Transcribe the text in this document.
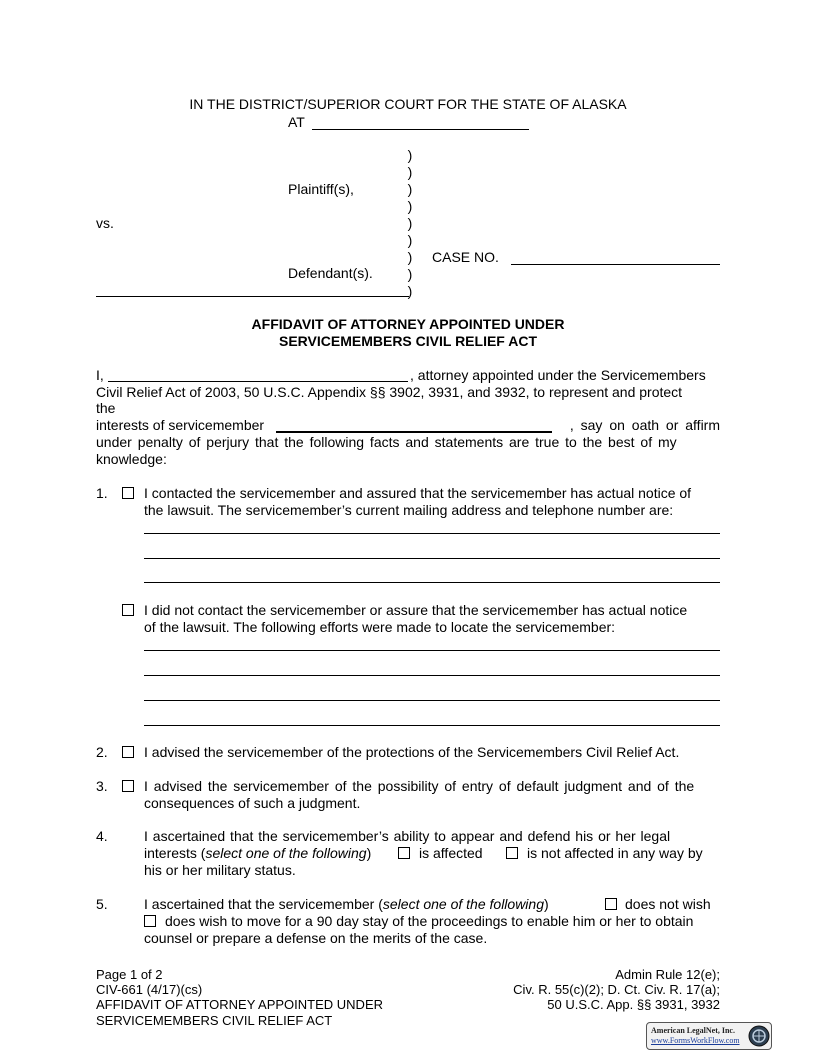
IN THE DISTRICT/SUPERIOR COURT FOR THE STATE OF ALASKA
AT
)
)
)
)
)
)
)
)
)
Plaintiff(s),
vs.
Defendant(s).
CASE NO.
AFFIDAVIT OF ATTORNEY APPOINTED UNDER
SERVICEMEMBERS CIVIL RELIEF ACT
I,	, attorney appointed under the Servicemembers
Civil Relief Act of 2003, 50 U.S.C. Appendix §§ 3902, 3931, and 3932, to represent and protect
the
interests of servicemember	, say on oath or affirm
under penalty of perjury that the following facts and statements are true to the best of my
knowledge:
1.	I contacted the servicemember and assured that the servicemember has actual notice of
the lawsuit. The servicemember’s current mailing address and telephone number are:
I did not contact the servicemember or assure that the servicemember has actual notice
of the lawsuit. The following efforts were made to locate the servicemember:
2.	I advised the servicemember of the protections of the Servicemembers Civil Relief Act.
3.	I advised the servicemember of the possibility of entry of default judgment and of the
consequences of such a judgment.
4.	I ascertained that the servicemember’s ability to appear and defend his or her legal
interests (select one of the following)	is affected	is not affected in any way by
his or her military status.
5.	I ascertained that the servicemember (select one of the following)	does not wish
does wish to move for a 90 day stay of the proceedings to enable him or her to obtain
counsel or prepare a defense on the merits of the case.
Page 1 of 2
CIV-661 (4/17)(cs)
AFFIDAVIT OF ATTORNEY APPOINTED UNDER
SERVICEMEMBERS CIVIL RELIEF ACT
Admin Rule 12(e);
Civ. R. 55(c)(2); D. Ct. Civ. R. 17(a);
50 U.S.C. App. §§ 3931, 3932
American LegalNet, Inc.
www.FormsWorkFlow.com
